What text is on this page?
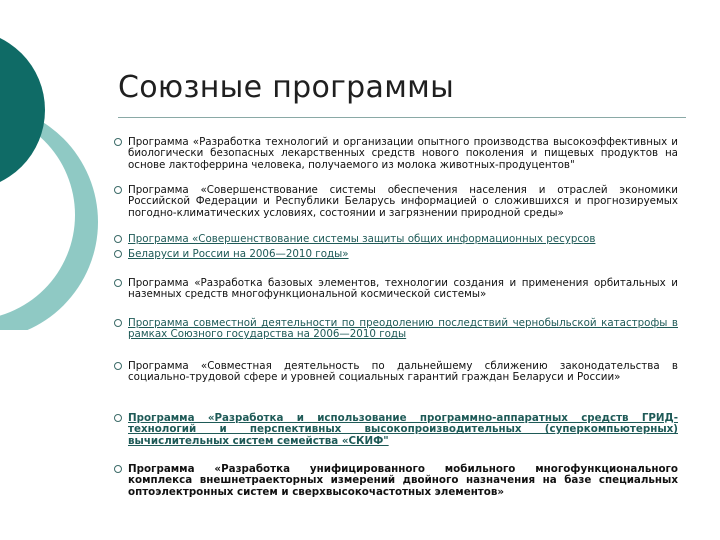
Союзные программы
Программа «Разработка технологий и организации опытного производства высокоэффективных и биологически безопасных лекарственных средств нового поколения и пищевых продуктов на основе лактоферрина человека, получаемого из молока животных-продуцентов"
Программа «Совершенствование системы обеспечения населения и отраслей экономики Российской Федерации и Республики Беларусь информацией о сложившихся и прогнозируемых погодно-климатических условиях, состоянии и загрязнении природной среды»
Программа «Совершенствование системы защиты общих информационных ресурсов
Беларуси и России на 2006—2010 годы»
Программа «Разработка базовых элементов, технологии создания и применения орбитальных и наземных средств многофункциональной космической системы»
Программа совместной деятельности по преодолению последствий чернобыльской катастрофы в рамках Союзного государства на 2006—2010 годы
Программа «Совместная деятельность по дальнейшему сближению законодательства в социально-трудовой сфере и уровней социальных гарантий граждан Беларуси и России»
Программа «Разработка и использование программно-аппаратных средств ГРИД-технологий и перспективных высокопроизводительных (суперкомпьютерных) вычислительных систем семейства «СКИФ"
Программа «Разработка унифицированного мобильного многофункционального комплекса внешнетраекторных измерений двойного назначения на базе специальных оптоэлектронных систем и сверхвысокочастотных элементов»
